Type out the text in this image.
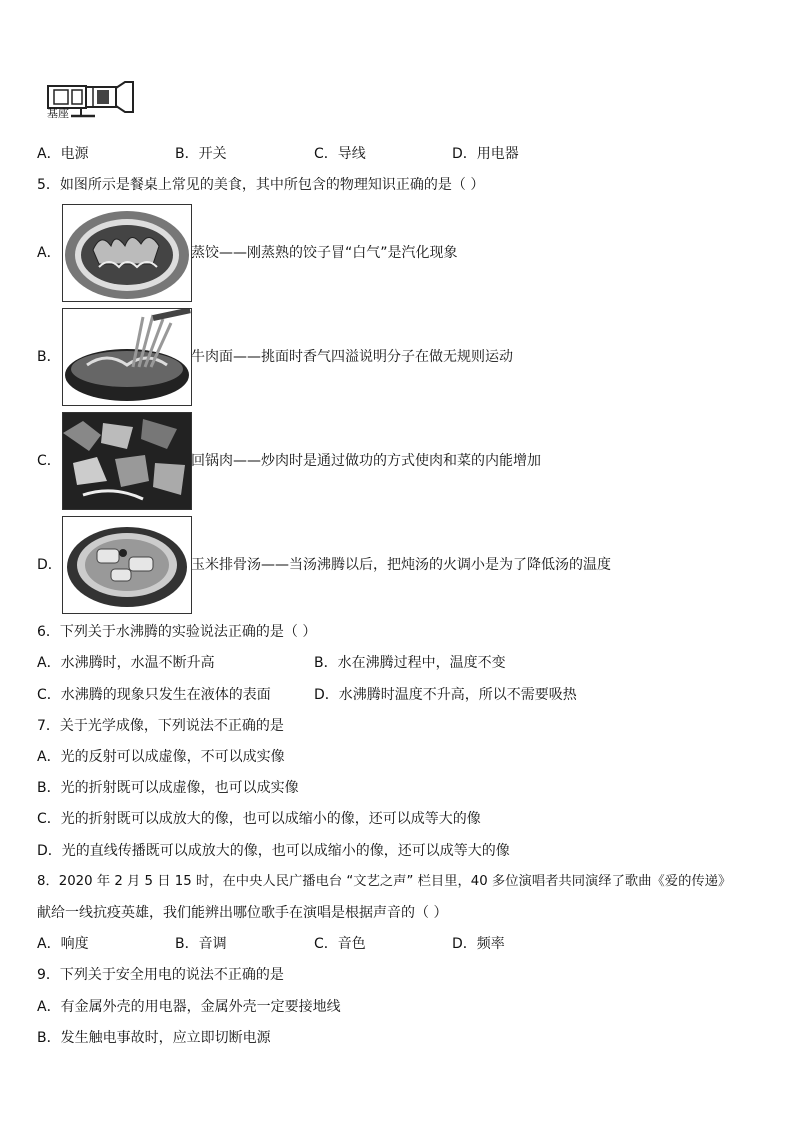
基座
A．电源	B．开关	C．导线	D．用电器
5．如图所示是餐桌上常见的美食，其中所包含的物理知识正确的是（ ）
A．	蒸饺——刚蒸熟的饺子冒“白气”是汽化现象
B．	牛肉面——挑面时香气四溢说明分子在做无规则运动
C．	回锅肉——炒肉时是通过做功的方式使肉和菜的内能增加
D．	玉米排骨汤——当汤沸腾以后，把炖汤的火调小是为了降低汤的温度
6．下列关于水沸腾的实验说法正确的是（ ）
A．水沸腾时，水温不断升高	B．水在沸腾过程中，温度不变
C．水沸腾的现象只发生在液体的表面	D．水沸腾时温度不升高，所以不需要吸热
7．关于光学成像，下列说法不正确的是
A．光的反射可以成虚像，不可以成实像
B．光的折射既可以成虚像，也可以成实像
C．光的折射既可以成放大的像，也可以成缩小的像，还可以成等大的像
D．光的直线传播既可以成放大的像，也可以成缩小的像，还可以成等大的像
8．2020 年 2 月 5 日 15 时，在中央人民广播电台 “文艺之声” 栏目里，40 多位演唱者共同演绎了歌曲《爱的传递》
献给一线抗疫英雄，我们能辨出哪位歌手在演唱是根据声音的（ ）
A．响度	B．音调	C．音色	D．频率
9．下列关于安全用电的说法不正确的是
A．有金属外壳的用电器，金属外壳一定要接地线
B．发生触电事故时，应立即切断电源
